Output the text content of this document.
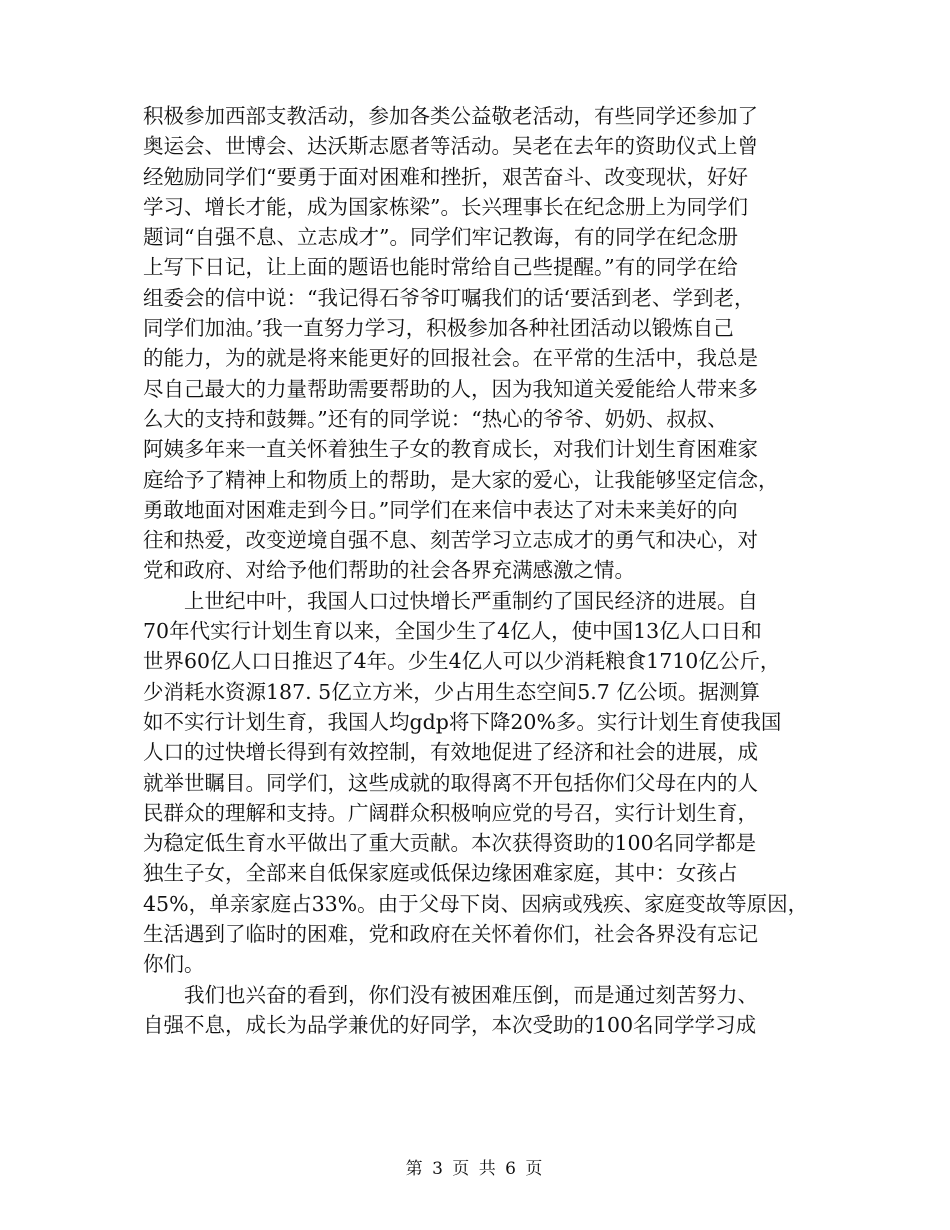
积极参加西部支教活动，参加各类公益敬老活动，有些同学还参加了
奥运会、世博会、达沃斯志愿者等活动。吴老在去年的资助仪式上曾
经勉励同学们“要勇于面对困难和挫折，艰苦奋斗、改变现状，好好
学习、增长才能，成为国家栋梁”。长兴理事长在纪念册上为同学们
题词“自强不息、立志成才”。同学们牢记教诲，有的同学在纪念册
上写下日记，让上面的题语也能时常给自己些提醒。”有的同学在给
组委会的信中说：“我记得石爷爷叮嘱我们的话‘要活到老、学到老，
同学们加油。’我一直努力学习，积极参加各种社团活动以锻炼自己
的能力，为的就是将来能更好的回报社会。在平常的生活中，我总是
尽自己最大的力量帮助需要帮助的人，因为我知道关爱能给人带来多
么大的支持和鼓舞。”还有的同学说：“热心的爷爷、奶奶、叔叔、
阿姨多年来一直关怀着独生子女的教育成长，对我们计划生育困难家
庭给予了精神上和物质上的帮助，是大家的爱心，让我能够坚定信念，
勇敢地面对困难走到今日。”同学们在来信中表达了对未来美好的向
往和热爱，改变逆境自强不息、刻苦学习立志成才的勇气和决心，对
党和政府、对给予他们帮助的社会各界充满感激之情。
　　上世纪中叶，我国人口过快增长严重制约了国民经济的进展。自
70年代实行计划生育以来，全国少生了4亿人，使中国13亿人口日和
世界60亿人口日推迟了4年。少生4亿人可以少消耗粮食1710亿公斤，
少消耗水资源187. 5亿立方米，少占用生态空间5.7 亿公顷。据测算
如不实行计划生育，我国人均gdp将下降20%多。实行计划生育使我国
人口的过快增长得到有效控制，有效地促进了经济和社会的进展，成
就举世瞩目。同学们，这些成就的取得离不开包括你们父母在内的人
民群众的理解和支持。广阔群众积极响应党的号召，实行计划生育，
为稳定低生育水平做出了重大贡献。本次获得资助的100名同学都是
独生子女，全部来自低保家庭或低保边缘困难家庭，其中：女孩占
45%，单亲家庭占33%。由于父母下岗、因病或残疾、家庭变故等原因，
生活遇到了临时的困难，党和政府在关怀着你们，社会各界没有忘记
你们。
　　我们也兴奋的看到，你们没有被困难压倒，而是通过刻苦努力、
自强不息，成长为品学兼优的好同学，本次受助的100名同学学习成
第 3 页 共 6 页
